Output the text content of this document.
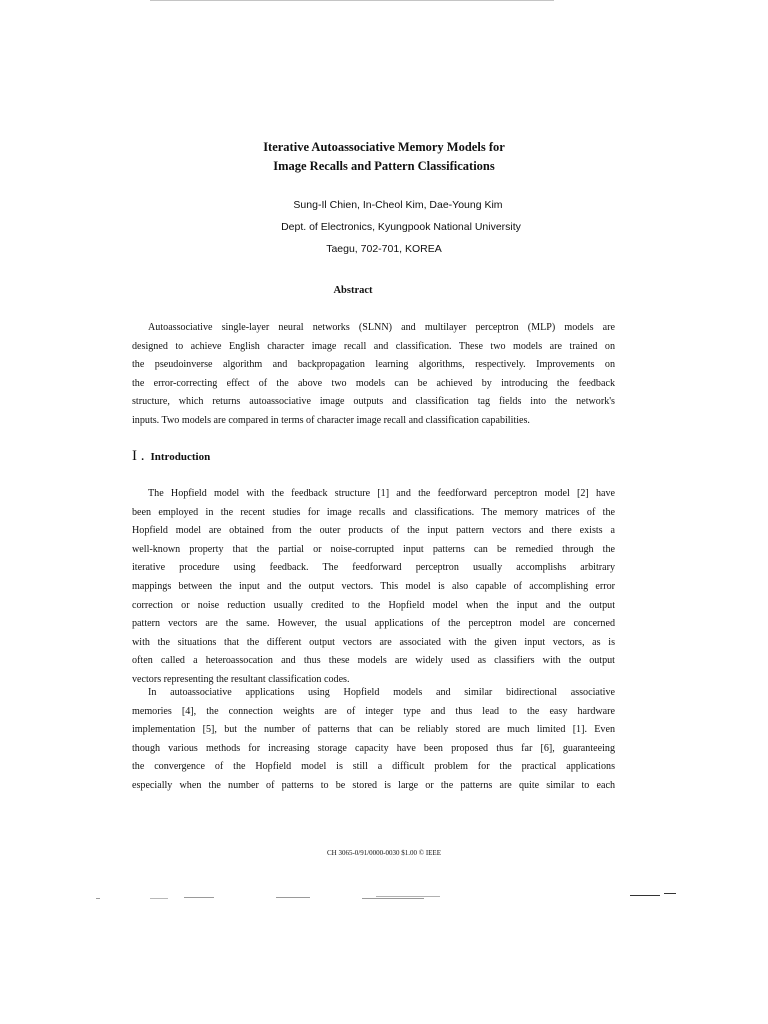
Iterative Autoassociative Memory Models for
Image Recalls and Pattern Classifications
Sung-Il Chien, In-Cheol Kim, Dae-Young Kim
Dept. of Electronics, Kyungpook National University
Taegu, 702-701, KOREA
Abstract
Autoassociative single-layer neural networks (SLNN) and multilayer perceptron (MLP) models are
designed to achieve English character image recall and classification. These two models are trained on
the pseudoinverse algorithm and backpropagation learning algorithms, respectively. Improvements on
the error-correcting effect of the above two models can be achieved by introducing the feedback
structure, which returns autoassociative image outputs and classification tag fields into the network's
inputs. Two models are compared in terms of character image recall and classification capabilities.
I . Introduction
The Hopfield model with the feedback structure [1] and the feedforward perceptron model [2] have
been employed in the recent studies for image recalls and classifications. The memory matrices of the
Hopfield model are obtained from the outer products of the input pattern vectors and there exists a
well-known property that the partial or noise-corrupted input patterns can be remedied through the
iterative procedure using feedback. The feedforward perceptron usually accomplishs arbitrary
mappings between the input and the output vectors. This model is also capable of accomplishing error
correction or noise reduction usually credited to the Hopfield model when the input and the output
pattern vectors are the same. However, the usual applications of the perceptron model are concerned
with the situations that the different output vectors are associated with the given input vectors, as is
often called a heteroassocation and thus these models are widely used as classifiers with the output
vectors representing the resultant classification codes.
In autoassociative applications using Hopfield models and similar bidirectional associative
memories [4], the connection weights are of integer type and thus lead to the easy hardware
implementation [5], but the number of patterns that can be reliably stored are much limited [1]. Even
though various methods for increasing storage capacity have been proposed thus far [6], guaranteeing
the convergence of the Hopfield model is still a difficult problem for the practical applications
especially when the number of patterns to be stored is large or the patterns are quite similar to each
CH 3065-0/91/0000-0030 $1.00 © IEEE
